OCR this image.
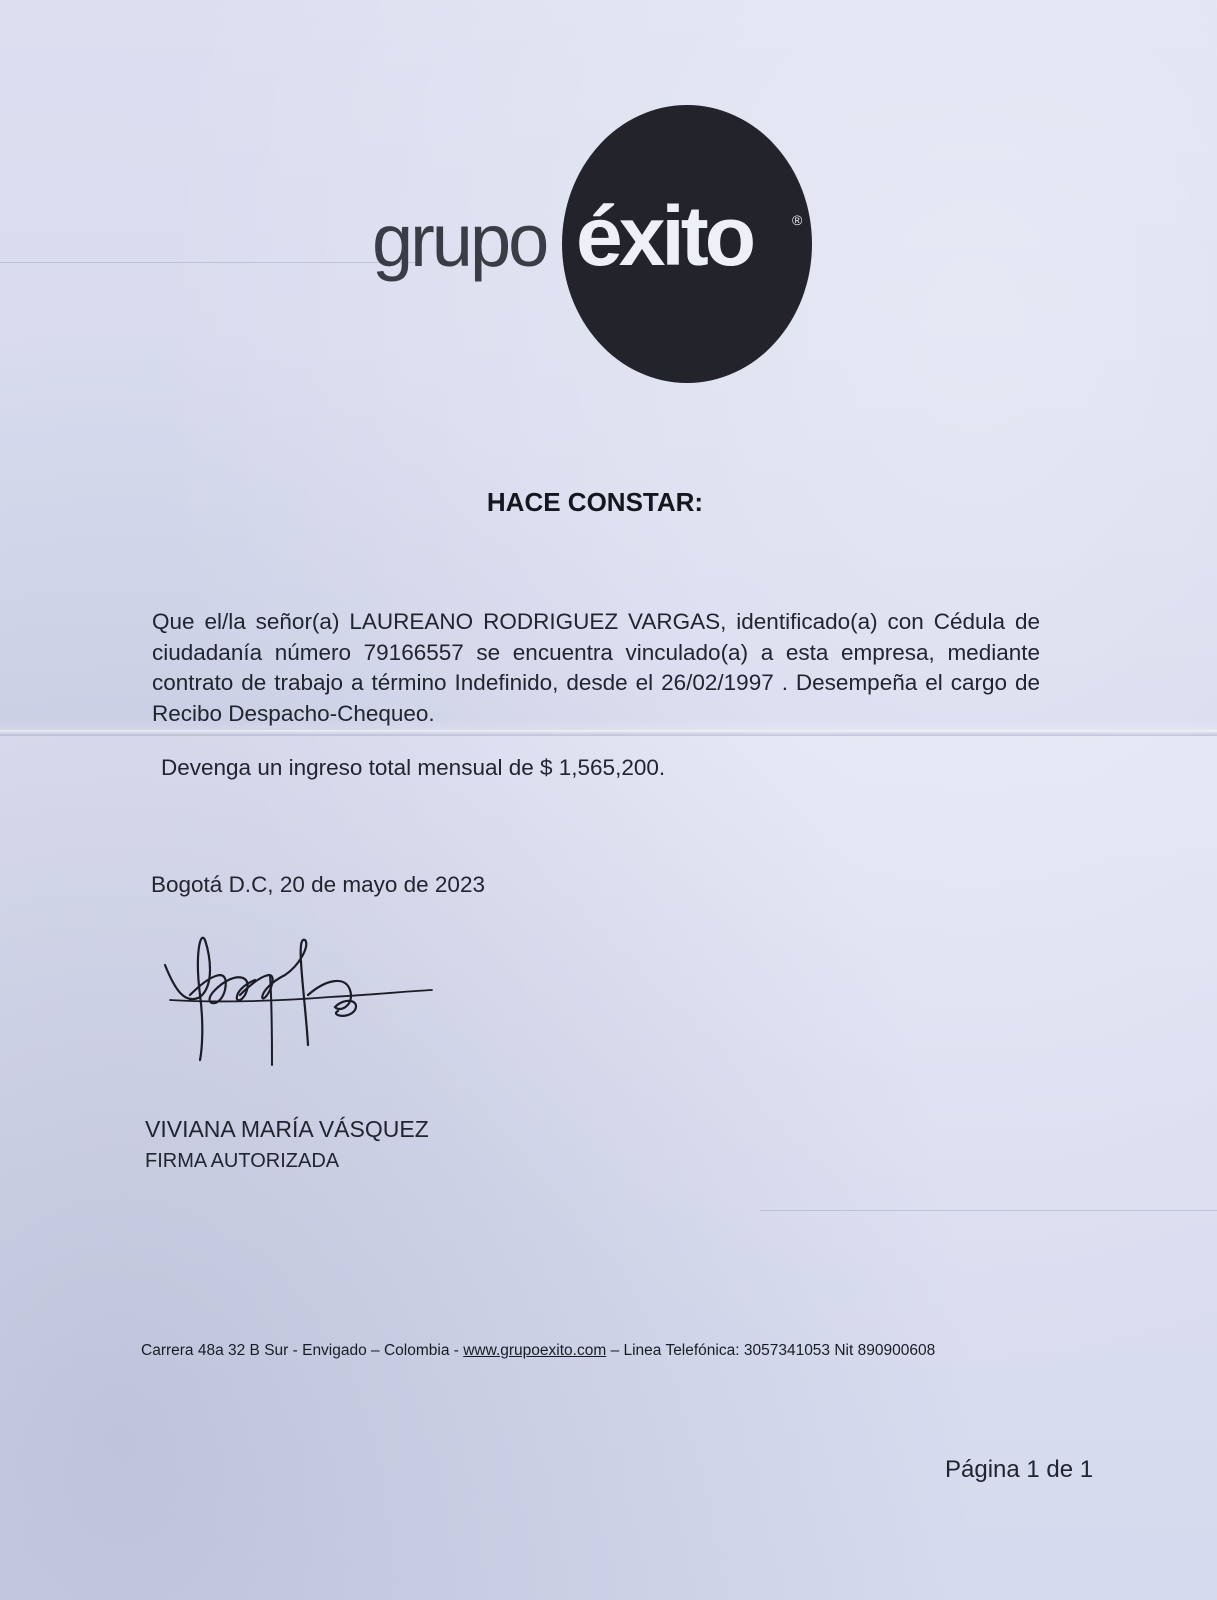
grupo éxito	®
HACE CONSTAR:
Que el/la señor(a) LAUREANO RODRIGUEZ VARGAS, identificado(a) con Cédula de ciudadanía número 79166557 se encuentra vinculado(a) a esta empresa, mediante contrato de trabajo a término Indefinido, desde el 26/02/1997 . Desempeña el cargo de Recibo Despacho-Chequeo.
Devenga un ingreso total mensual de $ 1,565,200.
Bogotá D.C, 20 de mayo de 2023
VIVIANA MARÍA VÁSQUEZ
FIRMA AUTORIZADA
Carrera 48a 32 B Sur - Envigado – Colombia - www.grupoexito.com – Linea Telefónica: 3057341053 Nit 890900608
Página 1 de 1
